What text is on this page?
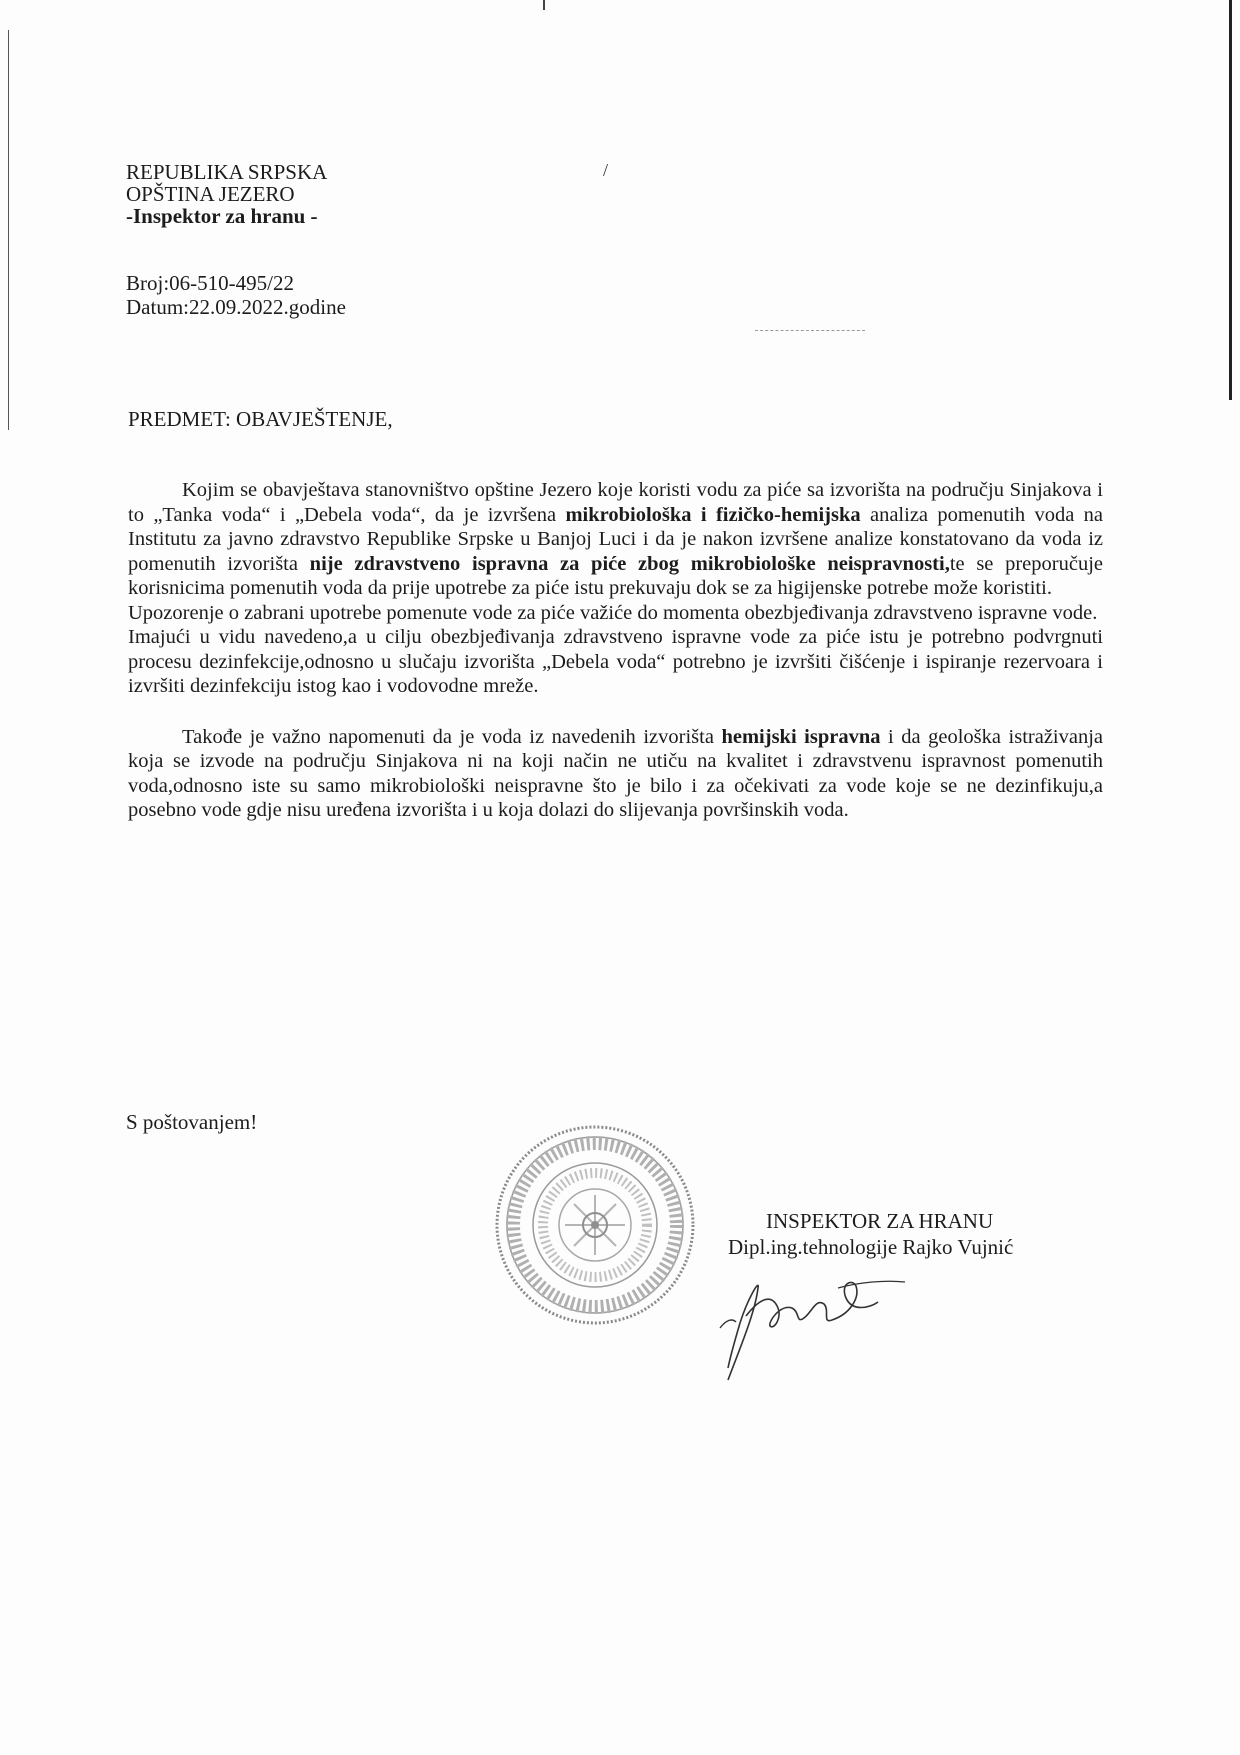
/
REPUBLIKA SRPSKA
OPŠTINA JEZERO
-Inspektor za hranu -
Broj:06-510-495/22
Datum:22.09.2022.godine
PREDMET: OBAVJEŠTENJE,

Kojim se obavještava stanovništvo opštine Jezero koje koristi vodu za piće sa izvorišta na području Sinjakova i to „Tanka voda“ i „Debela voda“, da je izvršena mikrobiološka i fizičko-hemijska analiza pomenutih voda na Institutu za javno zdravstvo Republike Srpske u Banjoj Luci i da je nakon izvršene analize konstatovano da voda iz pomenutih izvorišta nije zdravstveno ispravna za piće zbog mikrobiološke neispravnosti,te se preporučuje korisnicima pomenutih voda da prije upotrebe za piće istu prekuvaju dok se za higijenske potrebe može koristiti.

Upozorenje o zabrani upotrebe pomenute vode za piće važiće do momenta obezbjeđivanja zdravstveno ispravne vode.

Imajući u vidu navedeno,a u cilju obezbjeđivanja zdravstveno ispravne vode za piće istu je potrebno podvrgnuti procesu dezinfekcije,odnosno u slučaju izvorišta „Debela voda“ potrebno je izvršiti čišćenje i ispiranje rezervoara i izvršiti dezinfekciju istog kao i vodovodne mreže.

Takođe je važno napomenuti da je voda iz navedenih izvorišta hemijski ispravna i da geološka istraživanja koja se izvode na području Sinjakova ni na koji način ne utiču na kvalitet i zdravstvenu ispravnost pomenutih voda,odnosno iste su samo mikrobiološki neispravne što je bilo i za očekivati za vode koje se ne dezinfikuju,a posebno vode gdje nisu uređena izvorišta i u koja dolazi do slijevanja površinskih voda.

S poštovanjem!
INSPEKTOR ZA HRANU
Dipl.ing.tehnologije Rajko Vujnić
